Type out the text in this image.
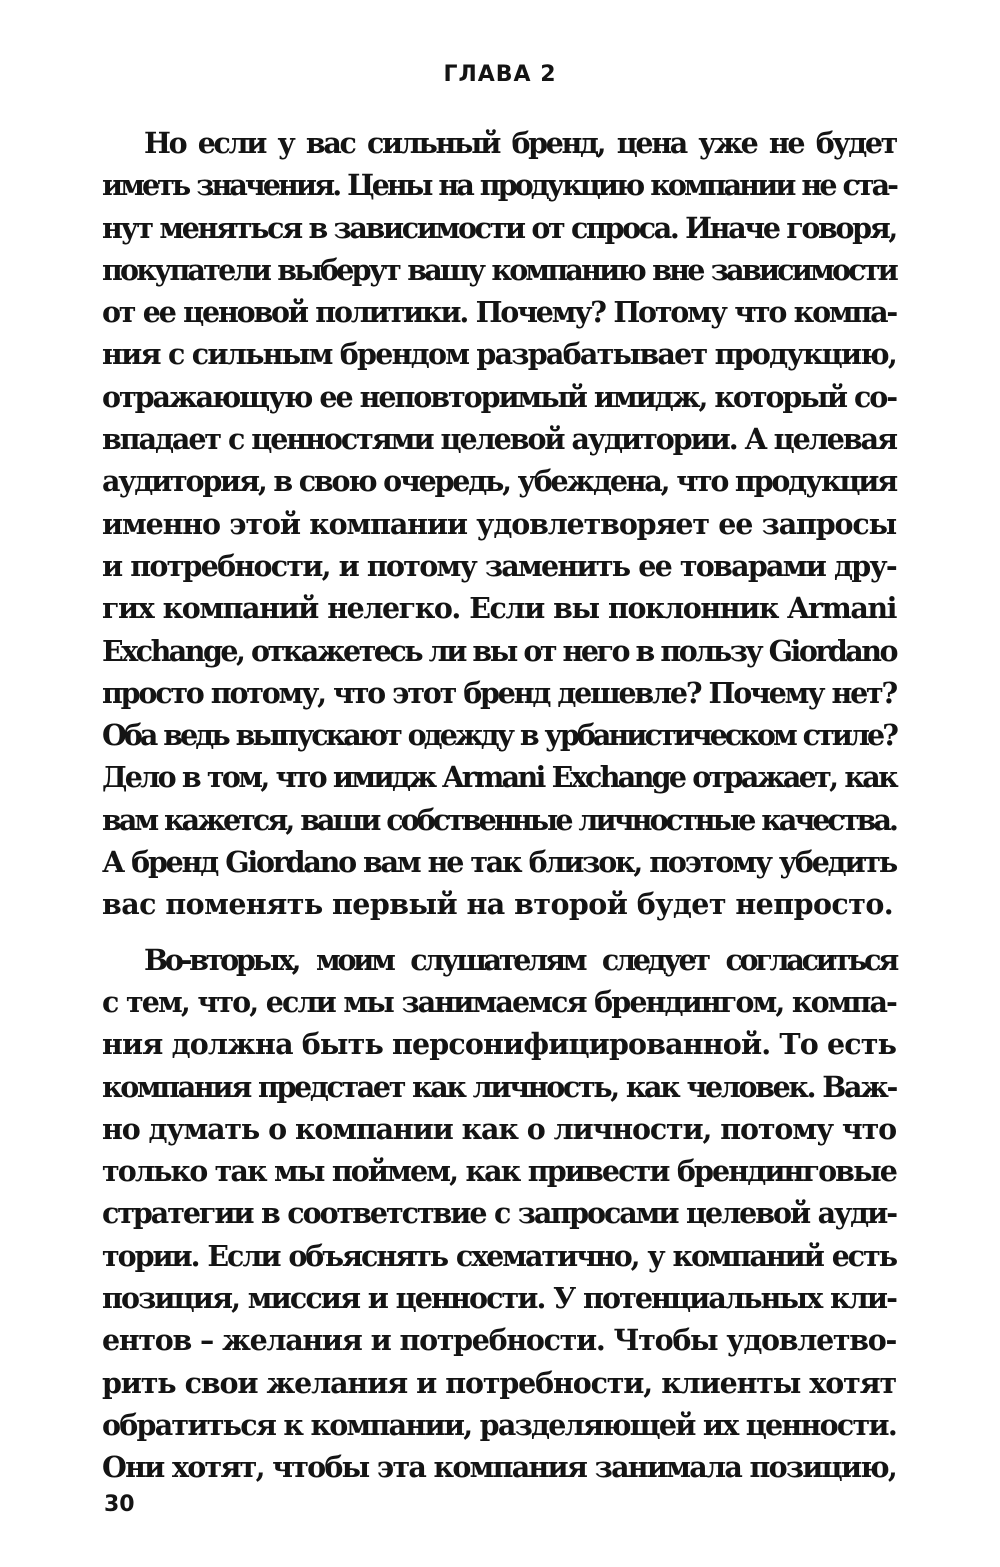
ГЛАВА 2

Но если у вас сильный бренд, цена уже не будет
иметь значения. Цены на продукцию компании не ста-
нут меняться в зависимости от спроса. Иначе говоря,
покупатели выберут вашу компанию вне зависимости
от ее ценовой политики. Почему? Потому что компа-
ния с сильным брендом разрабатывает продукцию,
отражающую ее неповторимый имидж, который со-
впадает с ценностями целевой аудитории. А целевая
аудитория, в свою очередь, убеждена, что продукция
именно этой компании удовлетворяет ее запросы
и потребности, и потому заменить ее товарами дру-
гих компаний нелегко. Если вы поклонник Armani
Exchange, откажетесь ли вы от него в пользу Giordano
просто потому, что этот бренд дешевле? Почему нет?
Оба ведь выпускают одежду в урбанистическом стиле?
Дело в том, что имидж Armani Exchange отражает, как
вам кажется, ваши собственные личностные качества.
А бренд Giordano вам не так близок, поэтому убедить
вас поменять первый на второй будет непросто.

Во-вторых, моим слушателям следует согласиться
с тем, что, если мы занимаемся брендингом, компа-
ния должна быть персонифицированной. То есть
компания предстает как личность, как человек. Важ-
но думать о компании как о личности, потому что
только так мы поймем, как привести брендинговые
стратегии в соответствие с запросами целевой ауди-
тории. Если объяснять схематично, у компаний есть
позиция, миссия и ценности. У потенциальных кли-
ентов – желания и потребности. Чтобы удовлетво-
рить свои желания и потребности, клиенты хотят
обратиться к компании, разделяющей их ценности.
Они хотят, чтобы эта компания занимала позицию,

30
